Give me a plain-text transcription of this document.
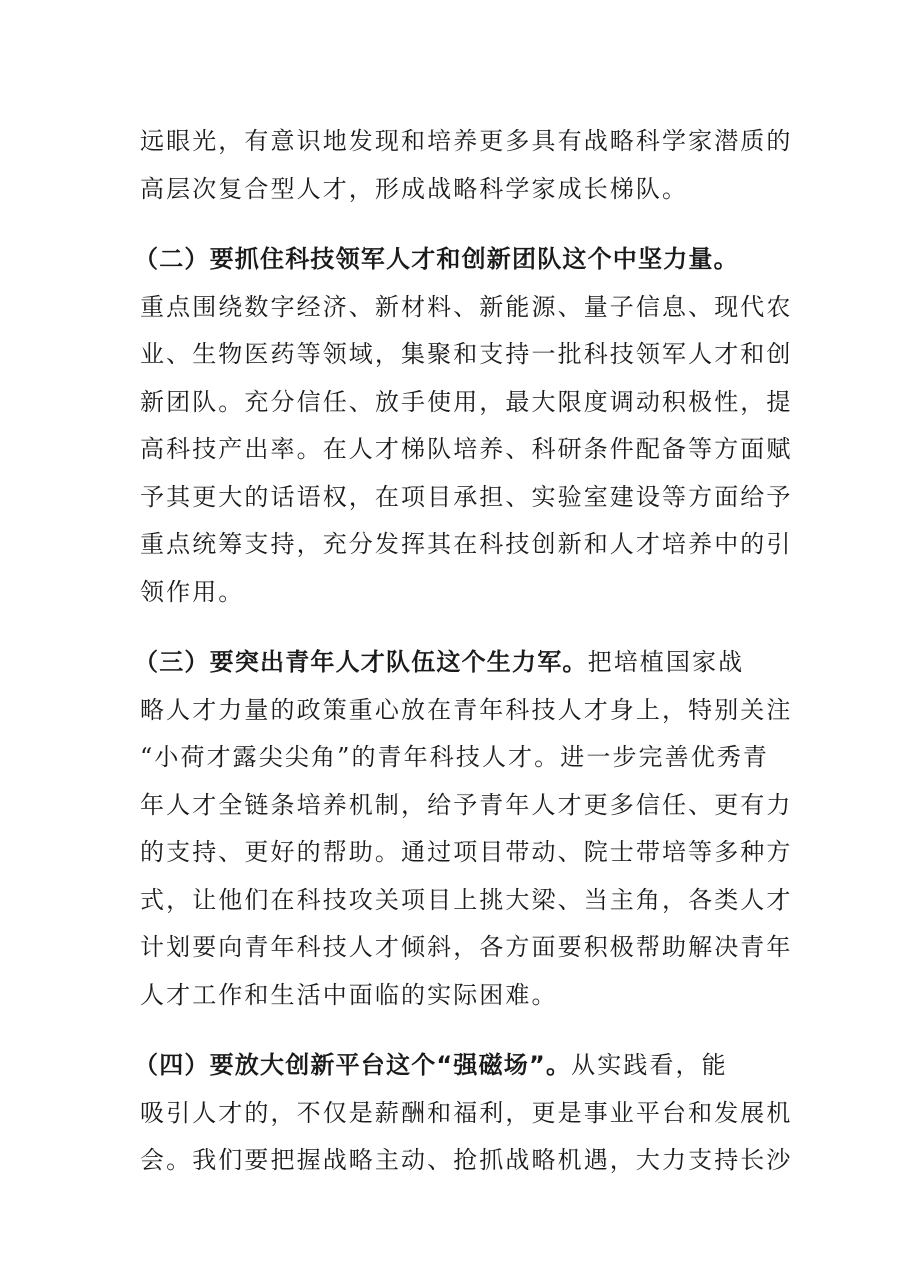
远眼光，有意识地发现和培养更多具有战略科学家潜质的
高层次复合型人才，形成战略科学家成长梯队。
（二）要抓住科技领军人才和创新团队这个中坚力量。
重点围绕数字经济、新材料、新能源、量子信息、现代农
业、生物医药等领域，集聚和支持一批科技领军人才和创
新团队。充分信任、放手使用，最大限度调动积极性，提
高科技产出率。在人才梯队培养、科研条件配备等方面赋
予其更大的话语权，在项目承担、实验室建设等方面给予
重点统筹支持，充分发挥其在科技创新和人才培养中的引
领作用。
（三）要突出青年人才队伍这个生力军。把培植国家战
略人才力量的政策重心放在青年科技人才身上，特别关注
“小荷才露尖尖角”的青年科技人才。进一步完善优秀青
年人才全链条培养机制，给予青年人才更多信任、更有力
的支持、更好的帮助。通过项目带动、院士带培等多种方
式，让他们在科技攻关项目上挑大梁、当主角，各类人才
计划要向青年科技人才倾斜，各方面要积极帮助解决青年
人才工作和生活中面临的实际困难。
（四）要放大创新平台这个“强磁场”。从实践看，能
吸引人才的，不仅是薪酬和福利，更是事业平台和发展机
会。我们要把握战略主动、抢抓战略机遇，大力支持长沙
